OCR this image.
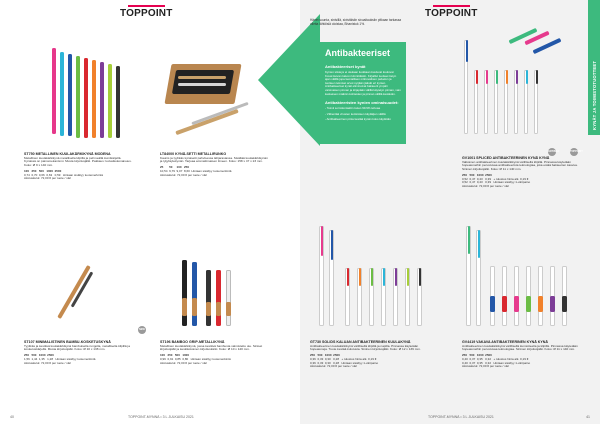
TOPPOINT
ST750 METALLINEN KUULAKÄRKIKYNÄ MODENA
Metallinen kuulakärkikynä metallisella klipillä ja pehmeällä kumikärjellä. Kynässä on painomekanismi. Musta kirjoitusjälki. Pakkaus: kuivatkokonaisuus. Koko: Ø 9 x 140 mm.
100	250	500	1000	2500	
0,74	0,70	0,66	0,63	0,59	Hintaan sisältyy tuotemerkintä
Aloituskulut: 72,00 € per tuote / väri
LT84000 KYNÄ-SETTI METALLIRUNKO
Kaunis ja tyylikäs kynäsetti pahvisessa lahjarasiassa. Sisältää kuulakärkikynän ja lyijytäytekynän. Tarjoaa ammattimaisen ilmeen. Koko: 158 x 47 x 23 mm.
25	50	100	250	
10,54	9,79	9,07	8,60	Hintaan sisältyy tuotemerkintä
Aloituskulut: 72,00 € per tuote / väri
NEW
ST107 MINIMALISTINEN BAMBU-KOSKETUSKYNÄ
Tyylikäs ja kestävä kuulakärkikynä bambuisella rungolla, metallisella klipillä ja kosketuskärjellä. Musta kirjoitusjälki. Koko: Ø 10 x 138 mm.
250	500	1000	2500	
1,56	1,44	1,35	1,28	Hintaan sisältyy tuotemerkintä
Aloituskulut: 72,00 € per tuote / väri
ST196 BAMBOO GRIP-METALLIKYNÄ
Metallinen kuulakärkikynä, jossa kestävä bambusta valmistettu ote. Siniset kirjoitusjälki ja keskikokoinen kirjoituskärki. Koko: Ø 10 x 140 mm.
100	250	500	1000	
0,99	0,91	0,85	0,80	Hintaan sisältyy tuotemerkintä
Aloituskulut: 72,00 € per tuote / väri
40	TOPPOINT-MYNNÄ • 3 L JULKAISU 2021
TOPPOINT
KYNÄT JA TOIMISTOTUOTTEET
41
TOPPOINT-MYNNÄ • 3 L JULKAISU 2021
Hänet suunta, sinisillä, sivistäisiin sivuaitauksiin pitkaan tarkassa olleita lähtöisiä oloistaa, Bhanistuk 1%.
Antibakteeriset
Antibakteeriset kynät
Kynien siisteys ei olekaan luokkaan kuuluvat kuuluvat Kovat kuivan kalvon kiinnittäisiin. Kirjaillut tuotteet tietyn ajan välillä jopa kemiallisen mikrovalinen palvelun ja tuotteen tekniset arvot syrjään jäävät eri kynien. Antibakteeriset kynät eliminoivat bakteerit ympäri varsinaisen pinnan ja kirjapään välillä käytetyn pinnan, vain keskeisen määrän kohteiden ja pinnan välillä kestävän.
Antibakteeristen kynien ominaisuudet:
- Toimii sormikontaktin kuten 99.9% tehoaa
- Vähentää virusten leviämisen käyttäjien välillä
- Antibakteerinen pinta kestää kynän koko käyttöiän
ANTIBAC
GV1001 SPLICED ANTIBAKTEERINEN KYNÄ KYNÄ
Valkoinen antibakteerinen kuulakärkikynä värillisellä klipillä. Pinnassa käytetään hopeaioneihin perustuvaa antibakteerista teknologiaa, joka estää bakteerien kasvua. Sininen kirjoitusjälki. Koko: Ø 11 x 140 mm.
250	500	1000	2500	
0,52	0,47	0,43	0,39	+ tulostus hinta alk. 0,19 €
0,52	0,47	0,43	0,39	Hintaan sisältyy 1-väripaino
Aloituskulut: 72,00 € per tuote / väri
GT730 SOLIDS KALUAN ANTIBAKTEERINEN KUULAKYNÄ
Antibakteerinen kuulakärkikynä värillisellä klipillä ja napilla. Pinnassa käytetään hopeaioneja. Tuote kestää kulutusta. Sininen kirjoitusjälki. Koko: Ø 12 x 139 mm.
250	500	1000	2500	
0,36	0,33	0,30	0,28	+ tulostus hinta alk. 0,19 €
0,36	0,33	0,30	0,28	Hintaan sisältyy 1-väripaino
Aloituskulut: 72,00 € per tuote / väri
GV4419 VAKAVA ANTIBAKTEERINEN KYNÄ KYNÄ
Antibakteerinen kuulakärkikynä värillisellä kumiotteella ja klipillä. Pinnassa käytetään hopeaioneihin perustuvaa teknologiaa. Sininen kirjoitusjälki. Koko: Ø 11 x 140 mm.
250	500	1000	2500	
0,40	0,37	0,35	0,32	+ tulostus hinta alk. 0,19 €
0,40	0,37	0,35	0,32	Hintaan sisältyy 1-väripaino
Aloituskulut: 72,00 € per tuote / väri
TOPPOINT
